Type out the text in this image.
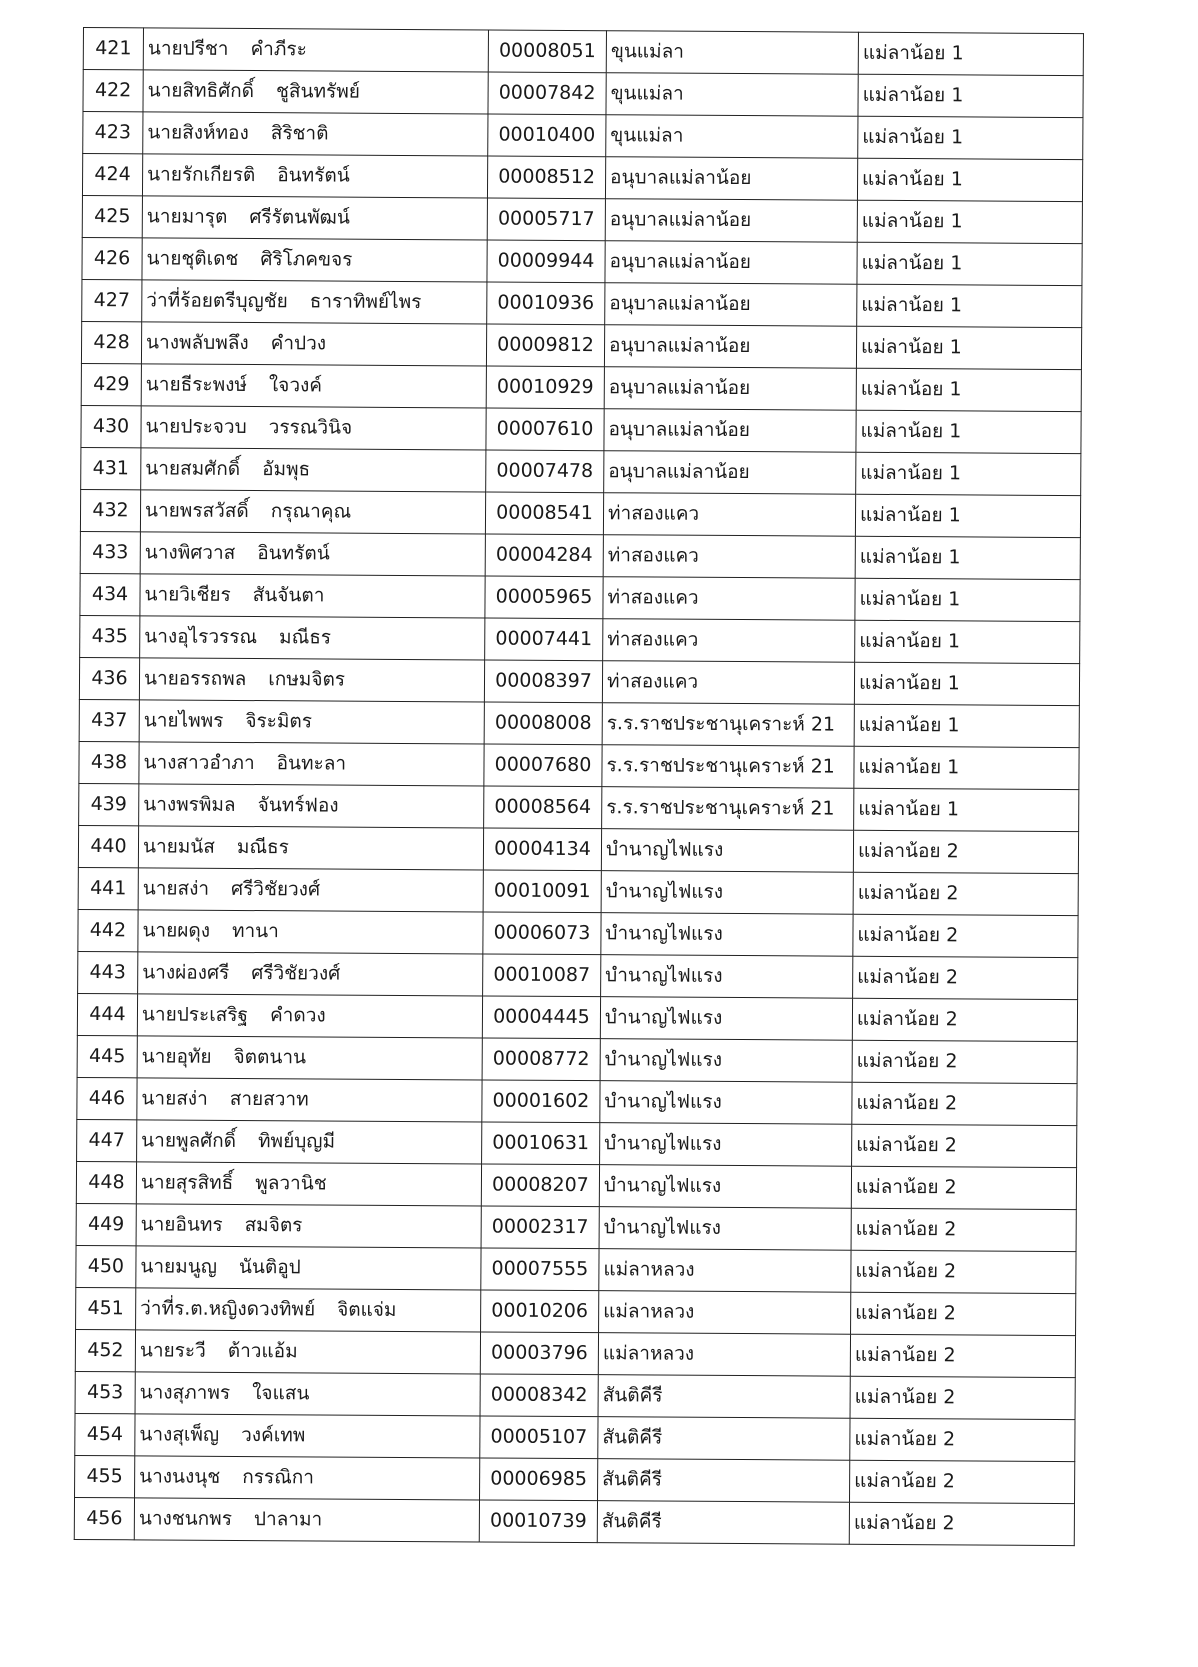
421	นายปรีชา คำภีระ	00008051	ขุนแม่ลา	แม่ลาน้อย 1
422	นายสิทธิศักดิ์ ชูสินทรัพย์	00007842	ขุนแม่ลา	แม่ลาน้อย 1
423	นายสิงห์ทอง สิริชาติ	00010400	ขุนแม่ลา	แม่ลาน้อย 1
424	นายรักเกียรติ อินทรัตน์	00008512	อนุบาลแม่ลาน้อย	แม่ลาน้อย 1
425	นายมารุต ศรีรัตนพัฒน์	00005717	อนุบาลแม่ลาน้อย	แม่ลาน้อย 1
426	นายชุติเดช ศิริโภคขจร	00009944	อนุบาลแม่ลาน้อย	แม่ลาน้อย 1
427	ว่าที่ร้อยตรีบุญชัย ธาราทิพย์ไพร	00010936	อนุบาลแม่ลาน้อย	แม่ลาน้อย 1
428	นางพลับพลึง คำปวง	00009812	อนุบาลแม่ลาน้อย	แม่ลาน้อย 1
429	นายธีระพงษ์ ใจวงค์	00010929	อนุบาลแม่ลาน้อย	แม่ลาน้อย 1
430	นายประจวบ วรรณวินิจ	00007610	อนุบาลแม่ลาน้อย	แม่ลาน้อย 1
431	นายสมศักดิ์ อัมพุธ	00007478	อนุบาลแม่ลาน้อย	แม่ลาน้อย 1
432	นายพรสวัสดิ์ กรุณาคุณ	00008541	ท่าสองแคว	แม่ลาน้อย 1
433	นางพิศวาส อินทรัตน์	00004284	ท่าสองแคว	แม่ลาน้อย 1
434	นายวิเชียร สันจันตา	00005965	ท่าสองแคว	แม่ลาน้อย 1
435	นางอุไรวรรณ มณีธร	00007441	ท่าสองแคว	แม่ลาน้อย 1
436	นายอรรถพล เกษมจิตร	00008397	ท่าสองแคว	แม่ลาน้อย 1
437	นายไพพร จิระมิตร	00008008	ร.ร.ราชประชานุเคราะห์ 21	แม่ลาน้อย 1
438	นางสาวอำภา อินทะลา	00007680	ร.ร.ราชประชานุเคราะห์ 21	แม่ลาน้อย 1
439	นางพรพิมล จันทร์ฟอง	00008564	ร.ร.ราชประชานุเคราะห์ 21	แม่ลาน้อย 1
440	นายมนัส มณีธร	00004134	บำนาญไฟแรง	แม่ลาน้อย 2
441	นายสง่า ศรีวิชัยวงศ์	00010091	บำนาญไฟแรง	แม่ลาน้อย 2
442	นายผดุง ทานา	00006073	บำนาญไฟแรง	แม่ลาน้อย 2
443	นางผ่องศรี ศรีวิชัยวงศ์	00010087	บำนาญไฟแรง	แม่ลาน้อย 2
444	นายประเสริฐ คำดวง	00004445	บำนาญไฟแรง	แม่ลาน้อย 2
445	นายอุทัย จิตตนาน	00008772	บำนาญไฟแรง	แม่ลาน้อย 2
446	นายสง่า สายสวาท	00001602	บำนาญไฟแรง	แม่ลาน้อย 2
447	นายพูลศักดิ์ ทิพย์บุญมี	00010631	บำนาญไฟแรง	แม่ลาน้อย 2
448	นายสุรสิทธิ์ พูลวานิช	00008207	บำนาญไฟแรง	แม่ลาน้อย 2
449	นายอินทร สมจิตร	00002317	บำนาญไฟแรง	แม่ลาน้อย 2
450	นายมนูญ นันติอูป	00007555	แม่ลาหลวง	แม่ลาน้อย 2
451	ว่าที่ร.ต.หญิงดวงทิพย์ จิตแจ่ม	00010206	แม่ลาหลวง	แม่ลาน้อย 2
452	นายระวี ต้าวแอ้ม	00003796	แม่ลาหลวง	แม่ลาน้อย 2
453	นางสุภาพร ใจแสน	00008342	สันติคีรี	แม่ลาน้อย 2
454	นางสุเพ็ญ วงค์เทพ	00005107	สันติคีรี	แม่ลาน้อย 2
455	นางนงนุช กรรณิกา	00006985	สันติคีรี	แม่ลาน้อย 2
456	นางชนกพร ปาลามา	00010739	สันติคีรี	แม่ลาน้อย 2
